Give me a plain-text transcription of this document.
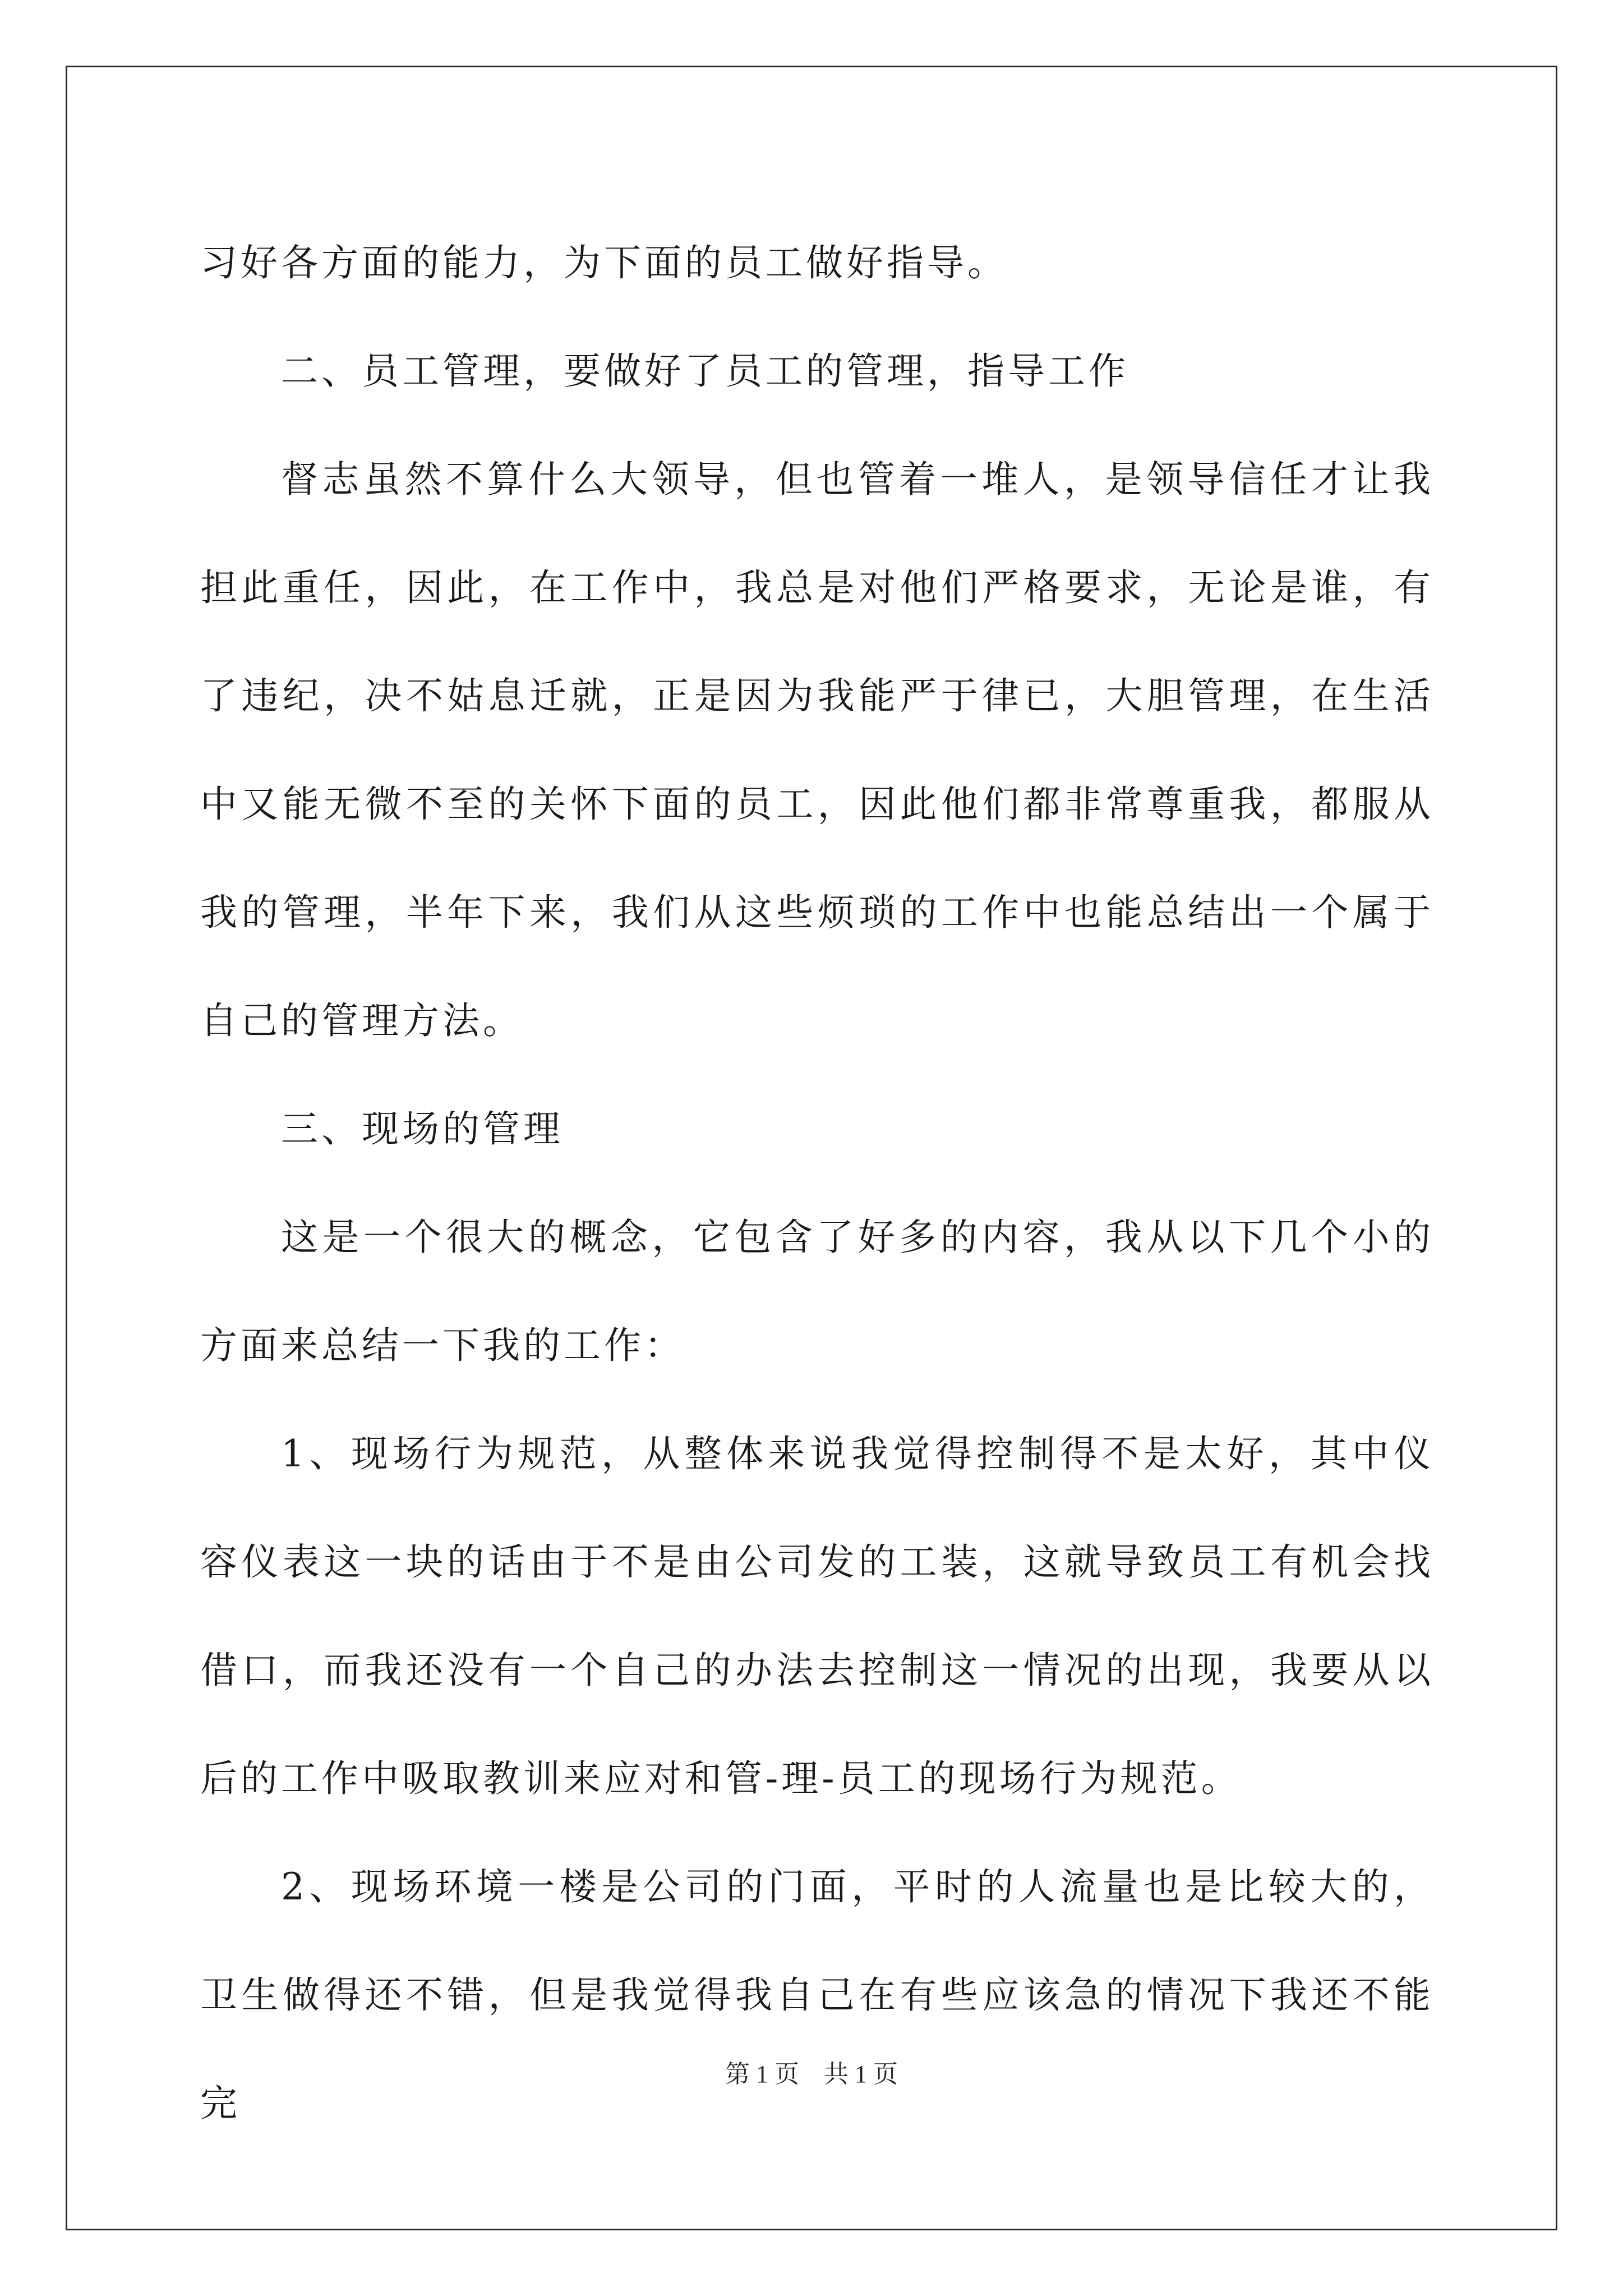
习好各方面的能力，为下面的员工做好指导。

二、员工管理，要做好了员工的管理，指导工作

督志虽然不算什么大领导，但也管着一堆人，是领导信任才让我担此重任，因此，在工作中，我总是对他们严格要求，无论是谁，有了违纪，决不姑息迁就，正是因为我能严于律已，大胆管理，在生活中又能无微不至的关怀下面的员工，因此他们都非常尊重我，都服从我的管理，半年下来，我们从这些烦琐的工作中也能总结出一个属于自己的管理方法。

三、现场的管理

这是一个很大的概念，它包含了好多的内容，我从以下几个小的方面来总结一下我的工作：

1、现场行为规范，从整体来说我觉得控制得不是太好，其中仪容仪表这一块的话由于不是由公司发的工装，这就导致员工有机会找借口，而我还没有一个自己的办法去控制这一情况的出现，我要从以后的工作中吸取教训来应对和管-理-员工的现场行为规范。

2、现场环境一楼是公司的门面，平时的人流量也是比较大的，卫生做得还不错，但是我觉得我自己在有些应该急的情况下我还不能完

第 1 页　共 1 页
